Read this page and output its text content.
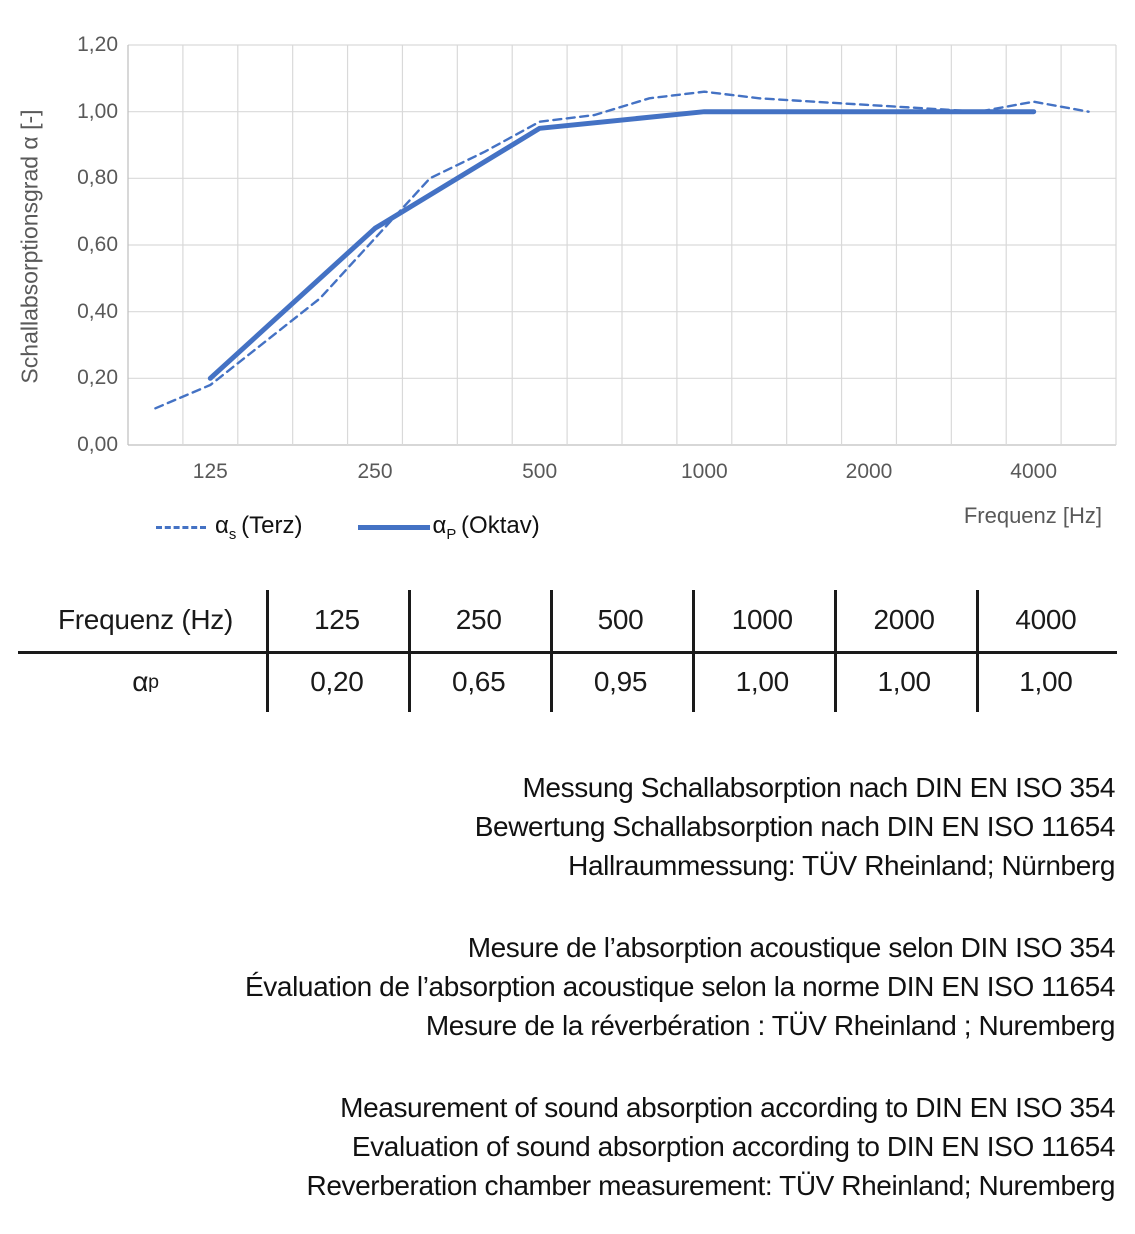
0,00
0,20
0,40
0,60
0,80
1,00
1,20
125	250	500	1000	2000	4000
Schallabsorptionsgrad α [-]
Frequenz [Hz]
$\alpha_s$ (Terz)	$\alpha_P$ (Oktav)
Frequenz (Hz)	125	250	500	1000	2000	4000
α p	0,20	0,65	0,95	1,00	1,00	1,00
Messung Schallabsorption nach DIN EN ISO 354
Bewertung Schallabsorption nach DIN EN ISO 11654
Hallraummessung: TÜV Rheinland; Nürnberg
Mesure de l’absorption acoustique selon DIN ISO 354
Évaluation de l’absorption acoustique selon la norme DIN EN ISO 11654
Mesure de la réverbération : TÜV Rheinland ; Nuremberg
Measurement of sound absorption according to DIN EN ISO 354
Evaluation of sound absorption according to DIN EN ISO 11654
Reverberation chamber measurement: TÜV Rheinland; Nuremberg
